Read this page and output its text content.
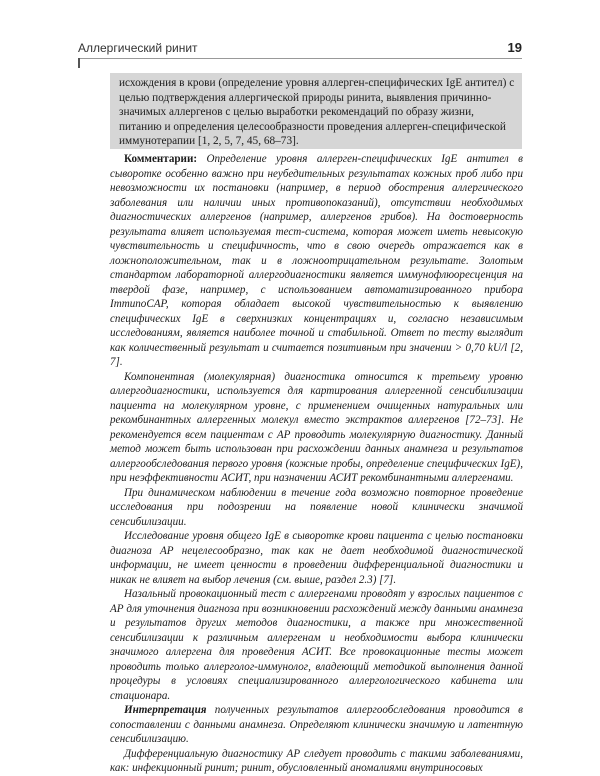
Аллергический ринит	19

исхождения в крови (определение уровня аллерген-специфических IgE антител) с целью подтверждения аллергической природы ринита, выявления причинно-значимых аллергенов с целью выработки рекомендаций по образу жизни, питанию и определения целесообразности проведения аллерген-специфической иммунотерапии [1, 2, 5, 7, 45, 68–73].

Комментарии: Определение уровня аллерген-специфических IgE антител в сыворотке особенно важно при неубедительных результатах кожных проб либо при невозможности их постановки (например, в период обострения аллергического заболевания или наличии иных противопоказаний), отсутствии необходимых диагностических аллергенов (например, аллергенов грибов). На достоверность результата влияет используемая тест-система, которая может иметь невысокую чувствительность и специфичность, что в свою очередь отражается как в ложноположительном, так и в ложноотрицательном результате. Золотым стандартом лабораторной аллергодиагностики является иммунофлюоресценция на твердой фазе, например, с использованием автоматизированного прибора ImmunoCAP, которая обладает высокой чувствительностью к выявлению специфических IgE в сверхнизких концентрациях и, согласно независимым исследованиям, является наиболее точной и стабильной. Ответ по тесту выглядит как количественный результат и считается позитивным при значении > 0,70 kU/l [2, 7].

Компонентная (молекулярная) диагностика относится к третьему уровню аллергодиагностики, используется для картирования аллергенной сенсибилизации пациента на молекулярном уровне, с применением очищенных натуральных или рекомбинантных аллергенных молекул вместо экстрактов аллергенов [72–73]. Не рекомендуется всем пациентам с АР проводить молекулярную диагностику. Данный метод может быть использован при расхождении данных анамнеза и результатов аллергообследования первого уровня (кожные пробы, определение специфических IgE), при неэффективности АСИТ, при назначении АСИТ рекомбинантными аллергенами.

При динамическом наблюдении в течение года возможно повторное проведение исследования при подозрении на появление новой клинически значимой сенсибилизации.

Исследование уровня общего IgE в сыворотке крови пациента с целью постановки диагноза АР нецелесообразно, так как не дает необходимой диагностической информации, не имеет ценности в проведении дифференциальной диагностики и никак не влияет на выбор лечения (см. выше, раздел 2.3) [7].

Назальный провокационный тест с аллергенами проводят у взрослых пациентов с АР для уточнения диагноза при возникновении расхождений между данными анамнеза и результатов других методов диагностики, а также при множественной сенсибилизации к различным аллергенам и необходимости выбора клинически значимого аллергена для проведения АСИТ. Все провокационные тесты может проводить только аллерголог-иммунолог, владеющий методикой выполнения данной процедуры в условиях специализированного аллергологического кабинета или стационара.

Интерпретация полученных результатов аллергообследования проводится в сопоставлении с данными анамнеза. Определяют клинически значимую и латентную сенсибилизацию.

Дифференциальную диагностику АР следует проводить с такими заболеваниями, как: инфекционный ринит; ринит, обусловленный аномалиями внутриносовых
